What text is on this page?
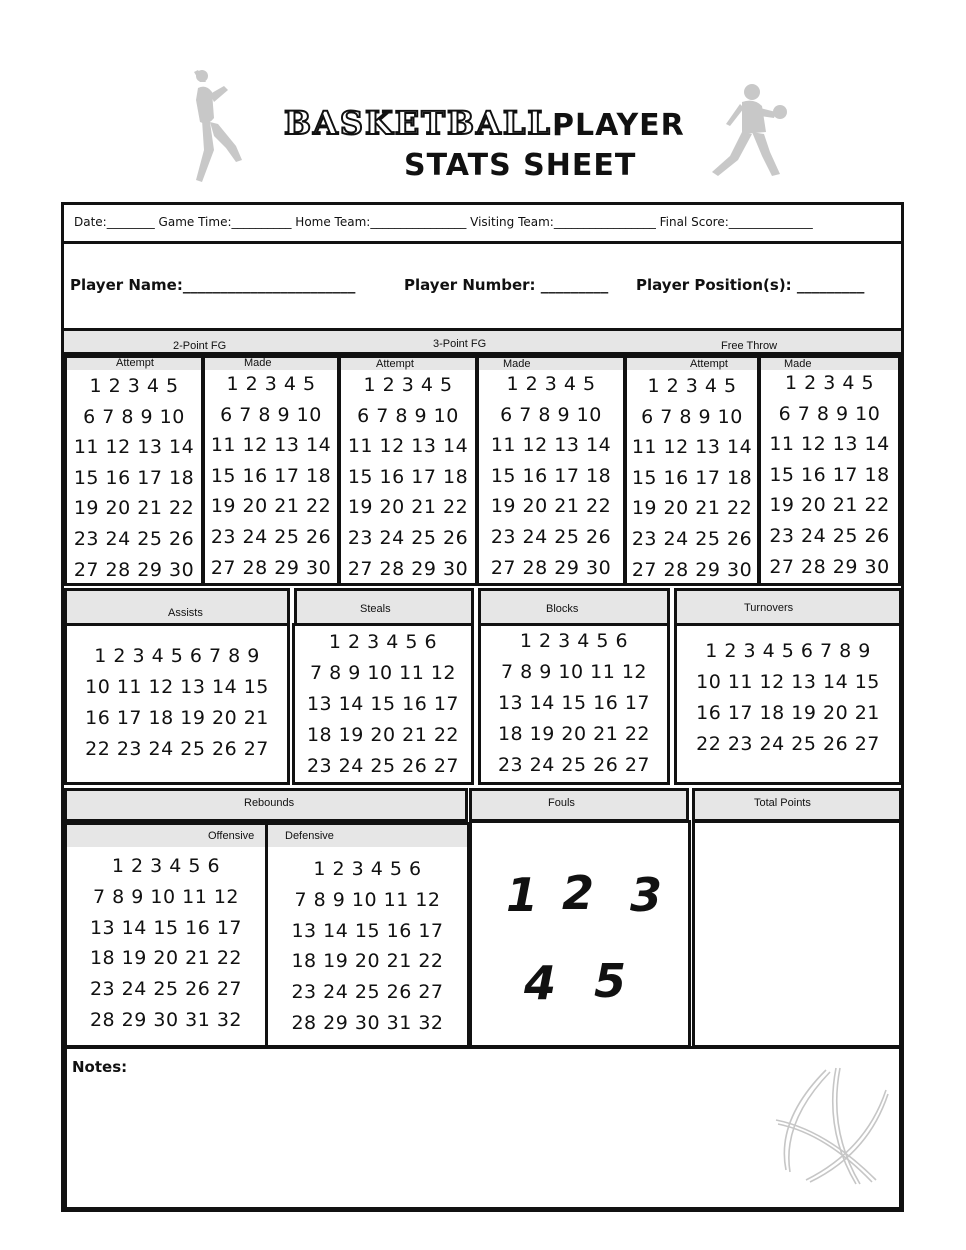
BASKETBALL PLAYER
STATS SHEET
Date:________ Game Time:__________ Home Team:________________ Visiting Team:_________________ Final Score:______________
Player Name:_______________________	Player Number: _________ Player Position(s): _________
2-Point FG	3-Point FG	Free Throw
Attempt	Made	Attempt	Made	Attempt	Made
1 2 3 4 5
6 7 8 9 10
11 12 13 14
15 16 17 18
19 20 21 22
23 24 25 26
27 28 29 30
1 2 3 4 5
6 7 8 9 10
11 12 13 14
15 16 17 18
19 20 21 22
23 24 25 26
27 28 29 30
1 2 3 4 5
6 7 8 9 10
11 12 13 14
15 16 17 18
19 20 21 22
23 24 25 26
27 28 29 30
1 2 3 4 5
6 7 8 9 10
11 12 13 14
15 16 17 18
19 20 21 22
23 24 25 26
27 28 29 30
1 2 3 4 5
6 7 8 9 10
11 12 13 14
15 16 17 18
19 20 21 22
23 24 25 26
27 28 29 30
1 2 3 4 5
6 7 8 9 10
11 12 13 14
15 16 17 18
19 20 21 22
23 24 25 26
27 28 29 30
Assists	Steals	Blocks	Turnovers
1 2 3 4 5 6 7 8 9
10 11 12 13 14 15
16 17 18 19 20 21
22 23 24 25 26 27
1 2 3 4 5 6
7 8 9 10 11 12
13 14 15 16 17
18 19 20 21 22
23 24 25 26 27
1 2 3 4 5 6
7 8 9 10 11 12
13 14 15 16 17
18 19 20 21 22
23 24 25 26 27
1 2 3 4 5 6 7 8 9
10 11 12 13 14 15
16 17 18 19 20 21
22 23 24 25 26 27
Rebounds
Offensive	Defensive
Fouls	Total Points
1 2 3
4 5
1 2 3 4 5 6
7 8 9 10 11 12
13 14 15 16 17
18 19 20 21 22
23 24 25 26 27
28 29 30 31 32
1 2 3 4 5 6
7 8 9 10 11 12
13 14 15 16 17
18 19 20 21 22
23 24 25 26 27
28 29 30 31 32
Notes:
